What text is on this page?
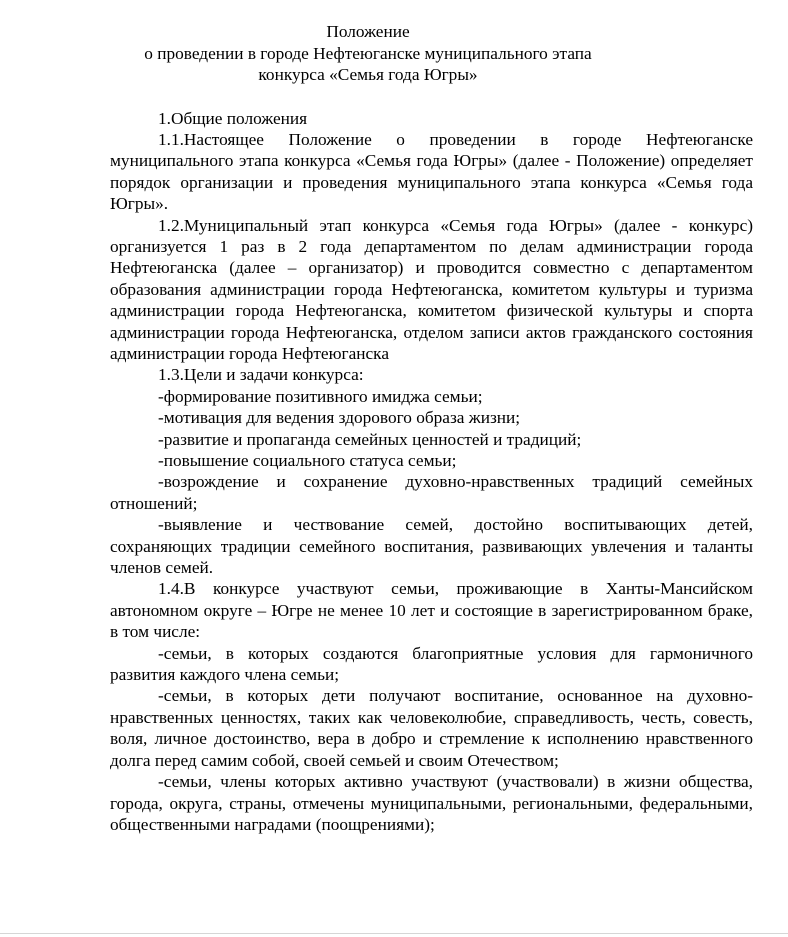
Положение
о проведении в городе Нефтеюганске муниципального этапа
конкурса «Семья года Югры»

1.Общие положения

1.1.Настоящее Положение о проведении в городе Нефтеюганске муниципального этапа конкурса «Семья года Югры» (далее - Положение) определяет порядок организации и проведения муниципального этапа конкурса «Семья года Югры».

1.2.Муниципальный этап конкурса «Семья года Югры» (далее - конкурс) организуется 1 раз в 2 года департаментом по делам администрации города Нефтеюганска (далее – организатор) и проводится совместно с департаментом образования администрации города Нефтеюганска, комитетом культуры и туризма администрации города Нефтеюганска, комитетом физической культуры и спорта администрации города Нефтеюганска, отделом записи актов гражданского состояния администрации города Нефтеюганска

1.3.Цели и задачи конкурса:

-формирование позитивного имиджа семьи;

-мотивация для ведения здорового образа жизни;

-развитие и пропаганда семейных ценностей и традиций;

-повышение социального статуса семьи;

-возрождение и сохранение духовно-нравственных традиций семейных отношений;

-выявление и чествование семей, достойно воспитывающих детей, сохраняющих традиции семейного воспитания, развивающих увлечения и таланты членов семей.

1.4.В конкурсе участвуют семьи, проживающие в Ханты-Мансийском автономном округе – Югре не менее 10 лет и состоящие в зарегистрированном браке, в том числе:

-семьи, в которых создаются благоприятные условия для гармоничного развития каждого члена семьи;

-семьи, в которых дети получают воспитание, основанное на духовно-нравственных ценностях, таких как человеколюбие, справедливость, честь, совесть, воля, личное достоинство, вера в добро и стремление к исполнению нравственного долга перед самим собой, своей семьей и своим Отечеством;

-семьи, члены которых активно участвуют (участвовали) в жизни общества, города, округа, страны, отмечены муниципальными, региональными, федеральными, общественными наградами (поощрениями);
